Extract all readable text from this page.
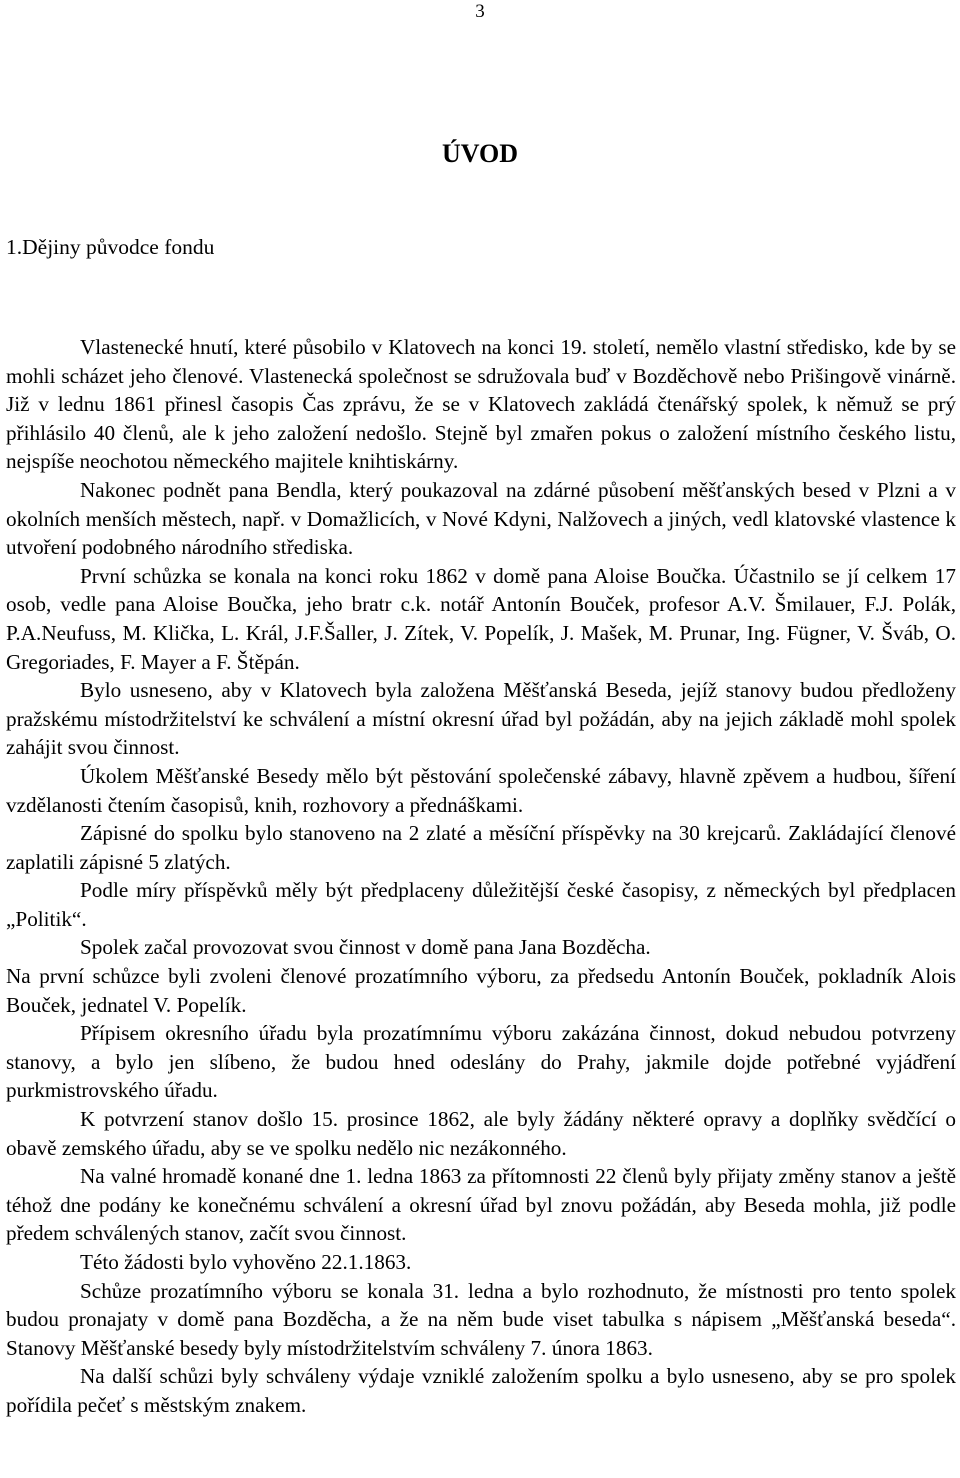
3
ÚVOD
1.Dějiny původce fondu

Vlastenecké hnutí, které působilo v Klatovech na konci 19. století, nemělo vlastní středisko, kde by se mohli scházet jeho členové. Vlastenecká společnost se sdružovala buď v Bozděchově nebo Prišingově vinárně. Již v lednu 1861 přinesl časopis Čas zprávu, že se v Klatovech zakládá čtenářský spolek, k němuž se prý přihlásilo 40 členů, ale k jeho založení nedošlo. Stejně byl zmařen pokus o založení místního českého listu, nejspíše neochotou německého majitele knihtiskárny.

Nakonec podnět pana Bendla, který poukazoval na zdárné působení měšťanských besed v Plzni a v okolních menších městech, např. v Domažlicích, v Nové Kdyni, Nalžovech a jiných, vedl klatovské vlastence k utvoření podobného národního střediska.

První schůzka se konala na konci roku 1862 v domě pana Aloise Boučka. Účastnilo se jí celkem 17 osob, vedle pana Aloise Boučka, jeho bratr c.k. notář Antonín Bouček, profesor A.V. Šmilauer, F.J. Polák, P.A.Neufuss, M. Klička, L. Král, J.F.Šaller, J. Zítek, V. Popelík, J. Mašek, M. Prunar, Ing. Fügner, V. Šváb, O. Gregoriades, F. Mayer a F. Štěpán.

Bylo usneseno, aby v Klatovech byla založena Měšťanská Beseda, jejíž stanovy budou předloženy pražskému místodržitelství ke schválení a místní okresní úřad byl požádán, aby na jejich základě mohl spolek zahájit svou činnost.

Úkolem Měšťanské Besedy mělo být pěstování společenské zábavy, hlavně zpěvem a hudbou, šíření vzdělanosti čtením časopisů, knih, rozhovory a přednáškami.

Zápisné do spolku bylo stanoveno na 2 zlaté a měsíční příspěvky na 30 krejcarů. Zakládající členové zaplatili zápisné 5 zlatých.

Podle míry příspěvků měly být předplaceny důležitější české časopisy, z německých byl předplacen „Politik“.

Spolek začal provozovat svou činnost v domě pana Jana Bozděcha.

Na první schůzce byli zvoleni členové prozatímního výboru, za předsedu Antonín Bouček, pokladník Alois Bouček, jednatel V. Popelík.

Přípisem okresního úřadu byla prozatímnímu výboru zakázána činnost, dokud nebudou potvrzeny stanovy, a bylo jen slíbeno, že budou hned odeslány do Prahy, jakmile dojde potřebné vyjádření purkmistrovského úřadu.

K potvrzení stanov došlo 15. prosince 1862, ale byly žádány některé opravy a doplňky svědčící o obavě zemského úřadu, aby se ve spolku nedělo nic nezákonného.

Na valné hromadě konané dne 1. ledna 1863 za přítomnosti 22 členů byly přijaty změny stanov a ještě téhož dne podány ke konečnému schválení a okresní úřad byl znovu požádán, aby Beseda mohla, již podle předem schválených stanov, začít svou činnost.

Této žádosti bylo vyhověno 22.1.1863.

Schůze prozatímního výboru se konala 31. ledna a bylo rozhodnuto, že místnosti pro tento spolek budou pronajaty v domě pana Bozděcha, a že na něm bude viset tabulka s nápisem „Měšťanská beseda“. Stanovy Měšťanské besedy byly místodržitelstvím schváleny 7. února 1863.

Na další schůzi byly schváleny výdaje vzniklé založením spolku a bylo usneseno, aby se pro spolek pořídila pečeť s městským znakem.
